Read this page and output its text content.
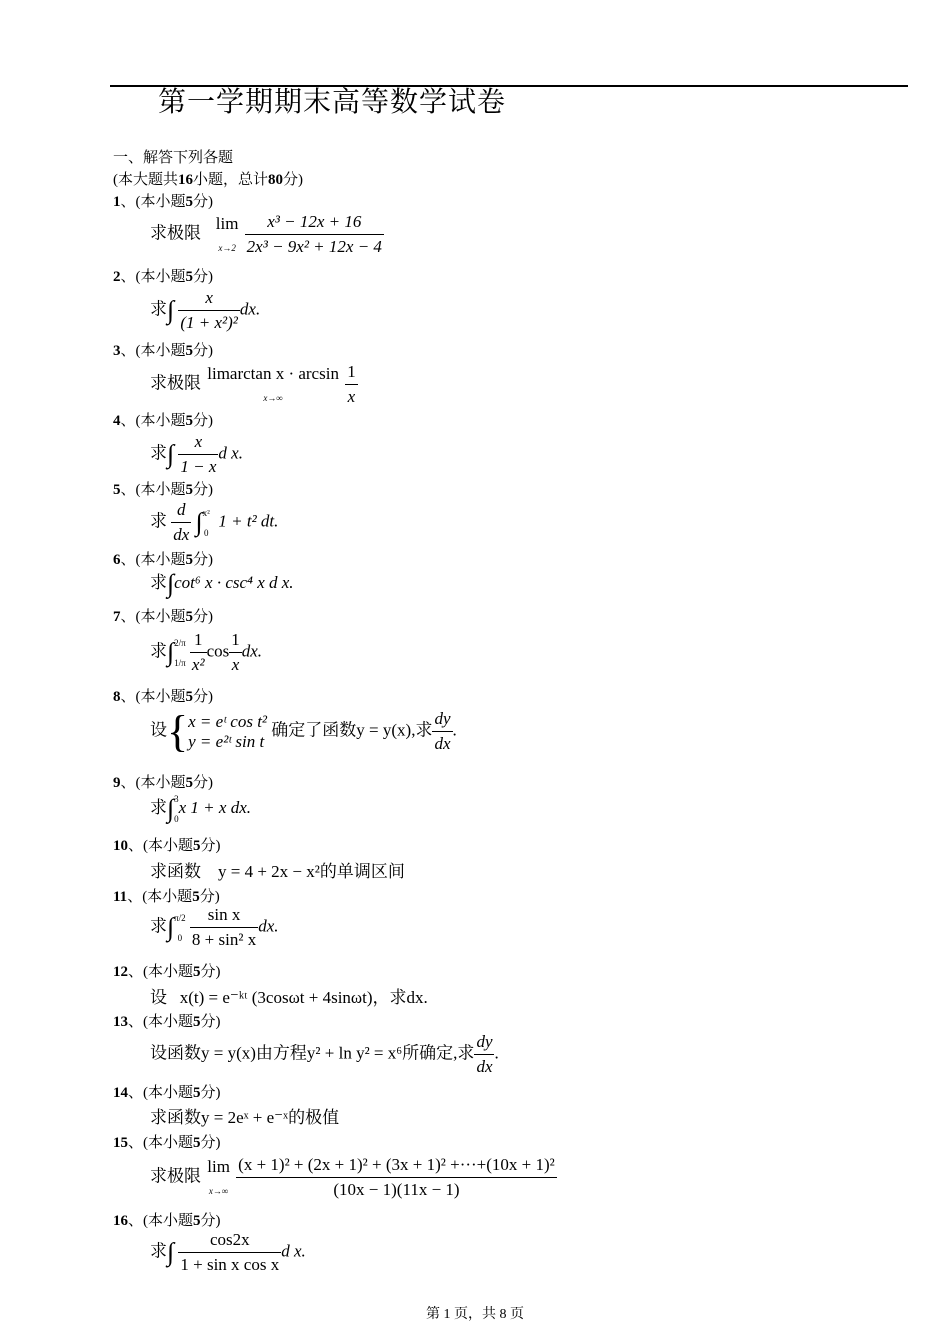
第一学期期末高等数学试卷
一、解答下列各题
(本大题共16小题，总计80分)
1、(本小题5分)
2、(本小题5分)
3、(本小题5分)
4、(本小题5分)
5、(本小题5分)
6、(本小题5分)
7、(本小题5分)
8、(本小题5分)
9、(本小题5分)
10、(本小题5分)
11、(本小题5分)
12、(本小题5分)
13、(本小题5分)
14、(本小题5分)
15、(本小题5分)
16、(本小题5分)
求极限
lim
$x\to 2 \frac{\text{x³ − 12x + 16}}{\text{2x³ − 9x² + 12x − 4}}$
求∫ $\frac{x}{\text{(1 + x²)²}}$ dx.
求极限
limarctan x · arcsin
x→∞	$\frac{1}{x}$
求∫ $\frac{x}{1 - x}$ d x.
求 $\frac{d}{dx} \int x^2$

0  1 + t² dt.
求∫cot⁶ x · csc⁴ x d x.
求∫2/π

$1/\pi \frac{1}{\text{x²}}$ $\cos \frac{1}{x}$ dx.
设{x = eᵗ cos t²
y = e²ᵗ sin t 确定了函数y = y(x),求 $\frac{dy}{dx}$ .
求∫3

0x 1 + x dx.
求函数 y = 4 + 2x − x²的单调区间
求∫π/2

$0 \frac{\text{sin x}}{\text{8 + sin² x}}$ dx.
设 x(t) = e⁻ᵏᵗ (3cosωt + 4sinωt)，求dx.
设函数y = y(x)由方程y² + ln y² = x⁶所确定,求 $\frac{dy}{dx}$ .
求函数y = 2eˣ + e⁻ˣ的极值
求极限
lim
$x\to\infty \frac{\text{(x + 1)² + (2x + 1)² + (3x + 1)² +···+(10x + 1)²}}{(10x - 1)(11x - 1)}$
求∫ $\frac{\cos 2x}{\text{1 + sin x cos x}}$ d x.
第 1 页，共 8 页
